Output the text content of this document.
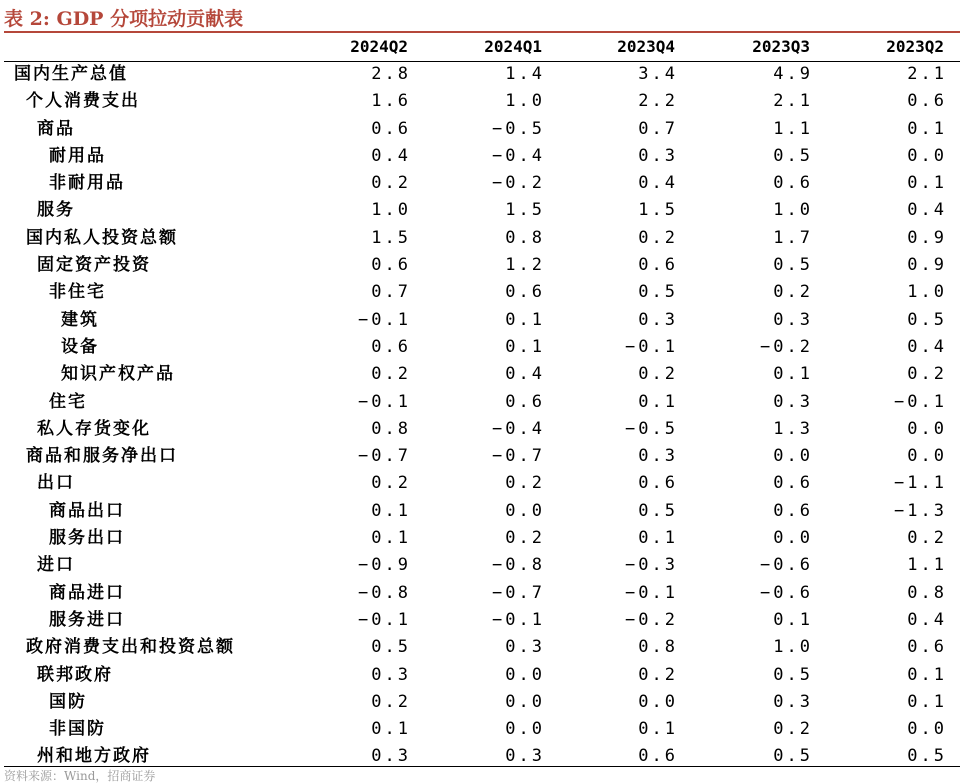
表 2: GDP 分项拉动贡献表
2024Q2	2024Q1	2023Q4	2023Q3	2023Q2
国内生产总值	2.8	1.4	3.4	4.9	2.1
个人消费支出	1.6	1.0	2.2	2.1	0.6
商品	0.6	−0.5	0.7	1.1	0.1
耐用品	0.4	−0.4	0.3	0.5	0.0
非耐用品	0.2	−0.2	0.4	0.6	0.1
服务	1.0	1.5	1.5	1.0	0.4
国内私人投资总额	1.5	0.8	0.2	1.7	0.9
固定资产投资	0.6	1.2	0.6	0.5	0.9
非住宅	0.7	0.6	0.5	0.2	1.0
建筑	−0.1	0.1	0.3	0.3	0.5
设备	0.6	0.1	−0.1	−0.2	0.4
知识产权产品	0.2	0.4	0.2	0.1	0.2
住宅	−0.1	0.6	0.1	0.3	−0.1
私人存货变化	0.8	−0.4	−0.5	1.3	0.0
商品和服务净出口	−0.7	−0.7	0.3	0.0	0.0
出口	0.2	0.2	0.6	0.6	−1.1
商品出口	0.1	0.0	0.5	0.6	−1.3
服务出口	0.1	0.2	0.1	0.0	0.2
进口	−0.9	−0.8	−0.3	−0.6	1.1
商品进口	−0.8	−0.7	−0.1	−0.6	0.8
服务进口	−0.1	−0.1	−0.2	0.1	0.4
政府消费支出和投资总额	0.5	0.3	0.8	1.0	0.6
联邦政府	0.3	0.0	0.2	0.5	0.1
国防	0.2	0.0	0.0	0.3	0.1
非国防	0.1	0.0	0.1	0.2	0.0
州和地方政府	0.3	0.3	0.6	0.5	0.5
资料来源：Wind，招商证券
